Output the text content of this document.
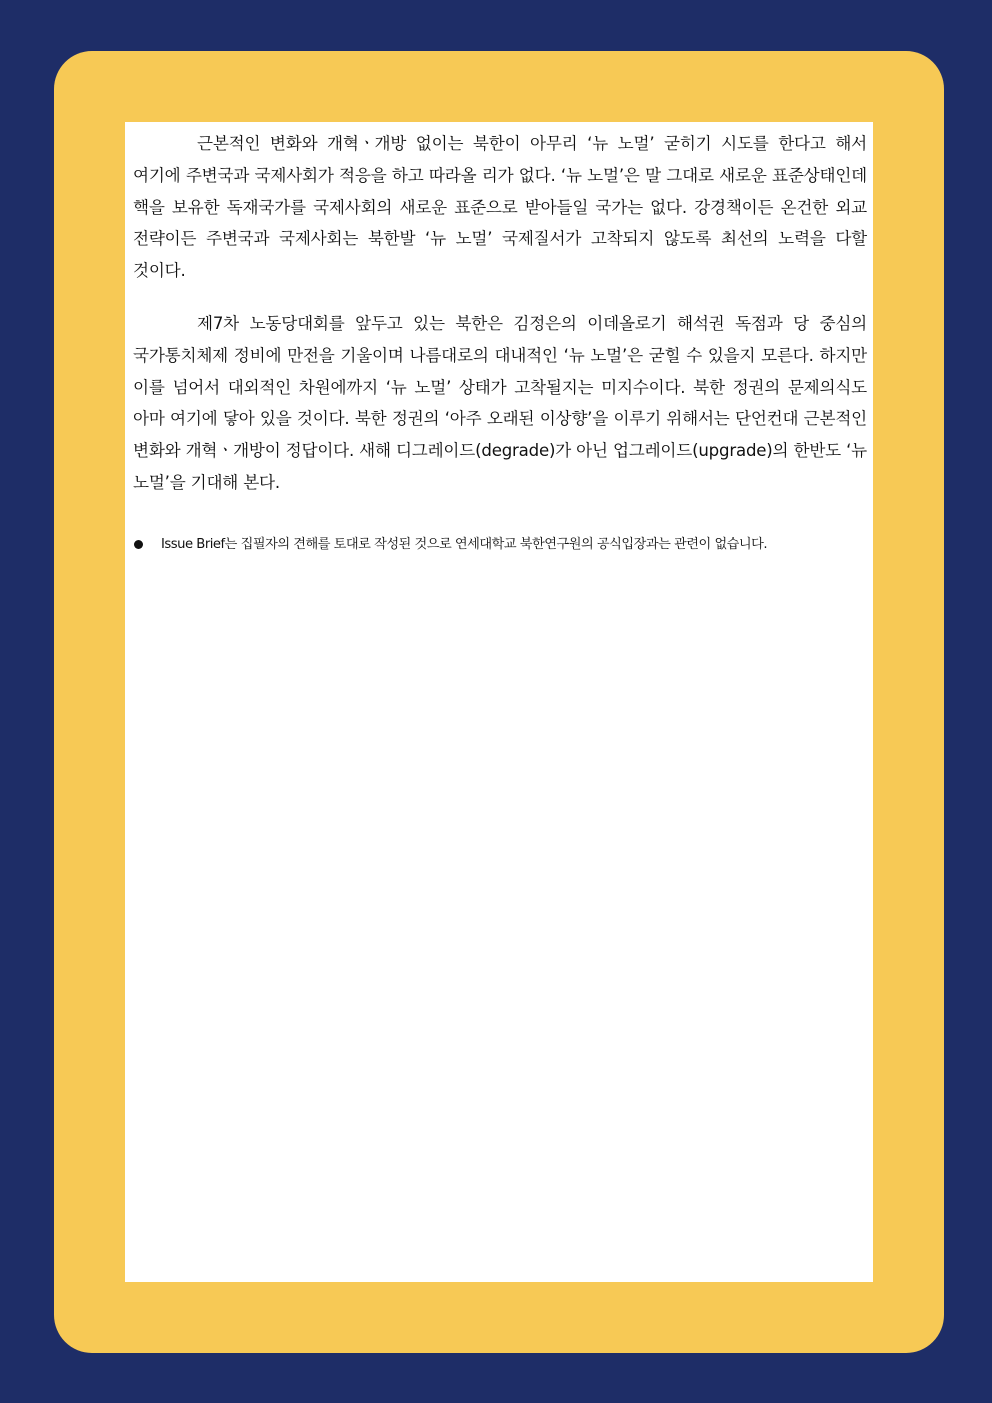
근본적인 변화와 개혁ㆍ개방 없이는 북한이 아무리 ‘뉴 노멀’ 굳히기 시도를 한다고 해서 여기에 주변국과 국제사회가 적응을 하고 따라올 리가 없다. ‘뉴 노멀’은 말 그대로 새로운 표준상태인데 핵을 보유한 독재국가를 국제사회의 새로운 표준으로 받아들일 국가는 없다. 강경책이든 온건한 외교 전략이든 주변국과 국제사회는 북한발 ‘뉴 노멀’ 국제질서가 고착되지 않도록 최선의 노력을 다할 것이다.

제7차 노동당대회를 앞두고 있는 북한은 김정은의 이데올로기 해석권 독점과 당 중심의 국가통치체제 정비에 만전을 기울이며 나름대로의 대내적인 ‘뉴 노멀’은 굳힐 수 있을지 모른다. 하지만 이를 넘어서 대외적인 차원에까지 ‘뉴 노멀’ 상태가 고착될지는 미지수이다. 북한 정권의 문제의식도 아마 여기에 닿아 있을 것이다. 북한 정권의 ‘아주 오래된 이상향’을 이루기 위해서는 단언컨대 근본적인 변화와 개혁ㆍ개방이 정답이다. 새해 디그레이드(degrade)가 아닌 업그레이드(upgrade)의 한반도 ‘뉴 노멀’을 기대해 본다.

Issue Brief는 집필자의 견해를 토대로 작성된 것으로 연세대학교 북한연구원의 공식입장과는 관련이 없습니다.
